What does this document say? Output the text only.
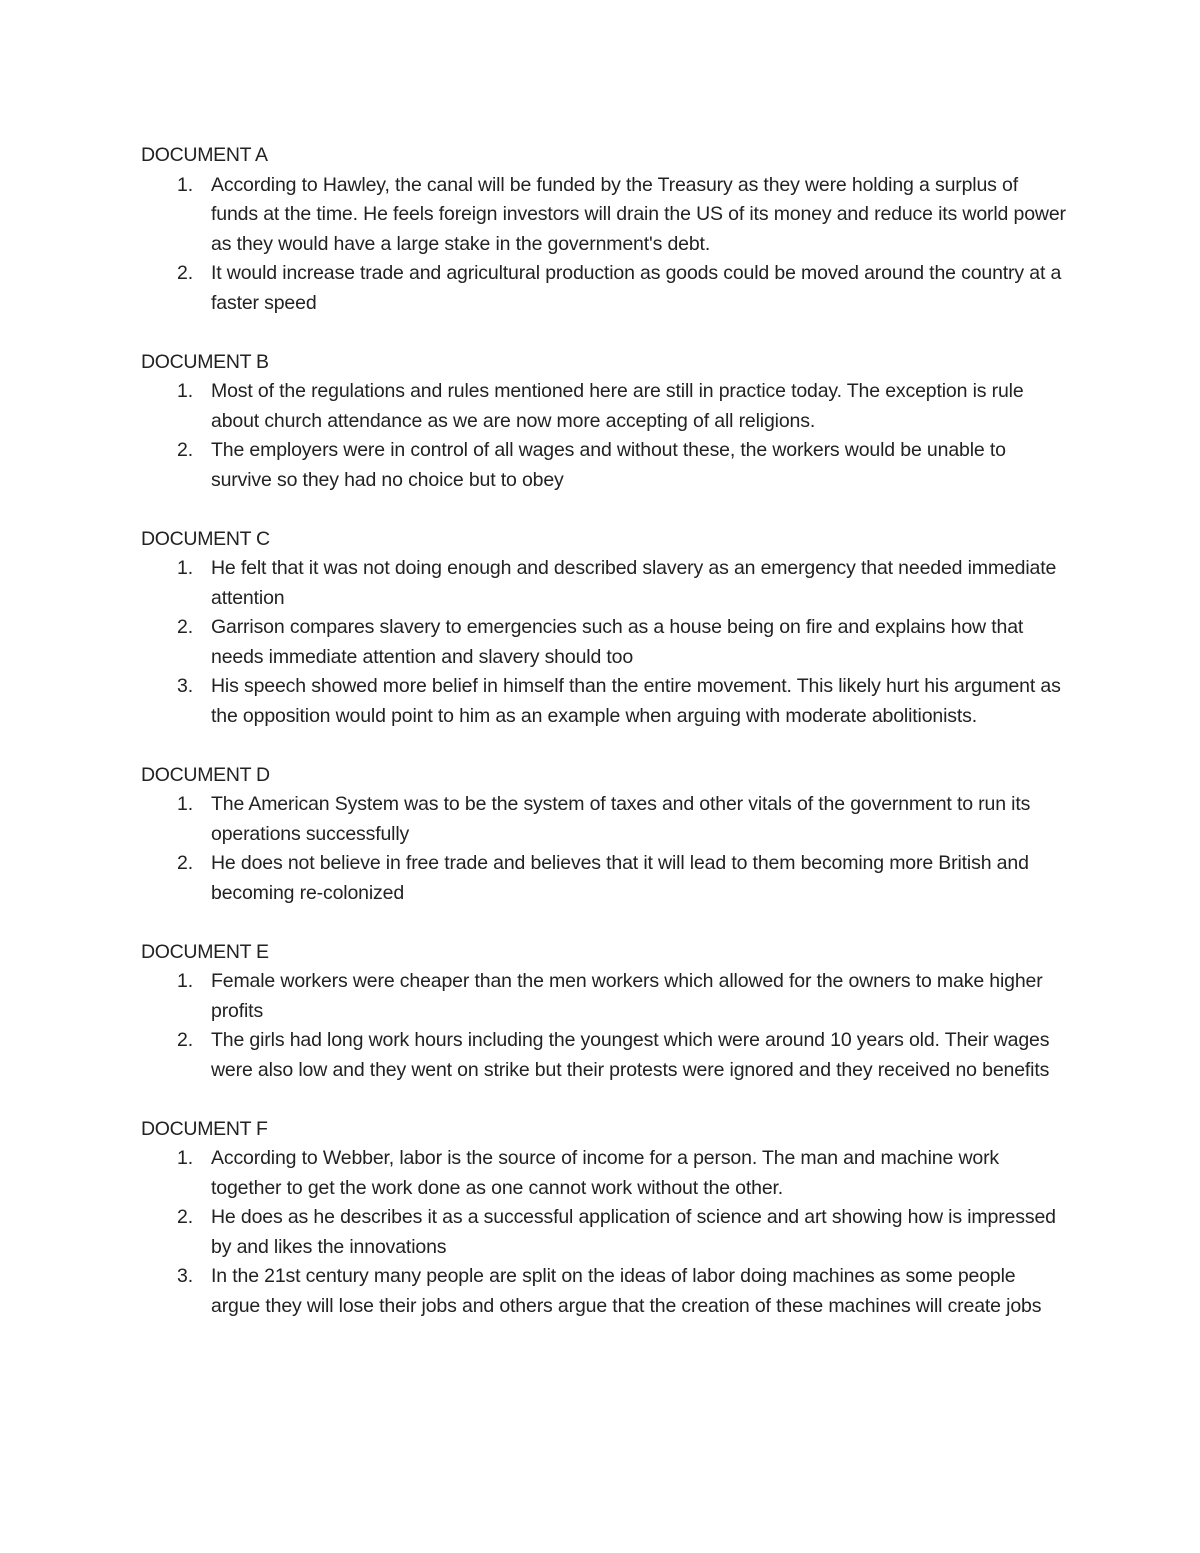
DOCUMENT A
1. According to Hawley, the canal will be funded by the Treasury as they were holding a surplus of funds at the time. He feels foreign investors will drain the US of its money and reduce its world power as they would have a large stake in the government's debt.
2. It would increase trade and agricultural production as goods could be moved around the country at a faster speed
DOCUMENT B
1. Most of the regulations and rules mentioned here are still in practice today. The exception is rule about church attendance as we are now more accepting of all religions.
2. The employers were in control of all wages and without these, the workers would be unable to survive so they had no choice but to obey
DOCUMENT C
1. He felt that it was not doing enough and described slavery as an emergency that needed immediate attention
2. Garrison compares slavery to emergencies such as a house being on fire and explains how that needs immediate attention and slavery should too
3. His speech showed more belief in himself than the entire movement. This likely hurt his argument as the opposition would point to him as an example when arguing with moderate abolitionists.
DOCUMENT D
1. The American System was to be the system of taxes and other vitals of the government to run its operations successfully
2. He does not believe in free trade and believes that it will lead to them becoming more British and becoming re-colonized
DOCUMENT E
1. Female workers were cheaper than the men workers which allowed for the owners to make higher profits
2. The girls had long work hours including the youngest which were around 10 years old. Their wages were also low and they went on strike but their protests were ignored and they received no benefits
DOCUMENT F
1. According to Webber, labor is the source of income for a person. The man and machine work together to get the work done as one cannot work without the other.
2. He does as he describes it as a successful application of science and art showing how is impressed by and likes the innovations
3. In the 21st century many people are split on the ideas of labor doing machines as some people argue they will lose their jobs and others argue that the creation of these machines will create jobs
